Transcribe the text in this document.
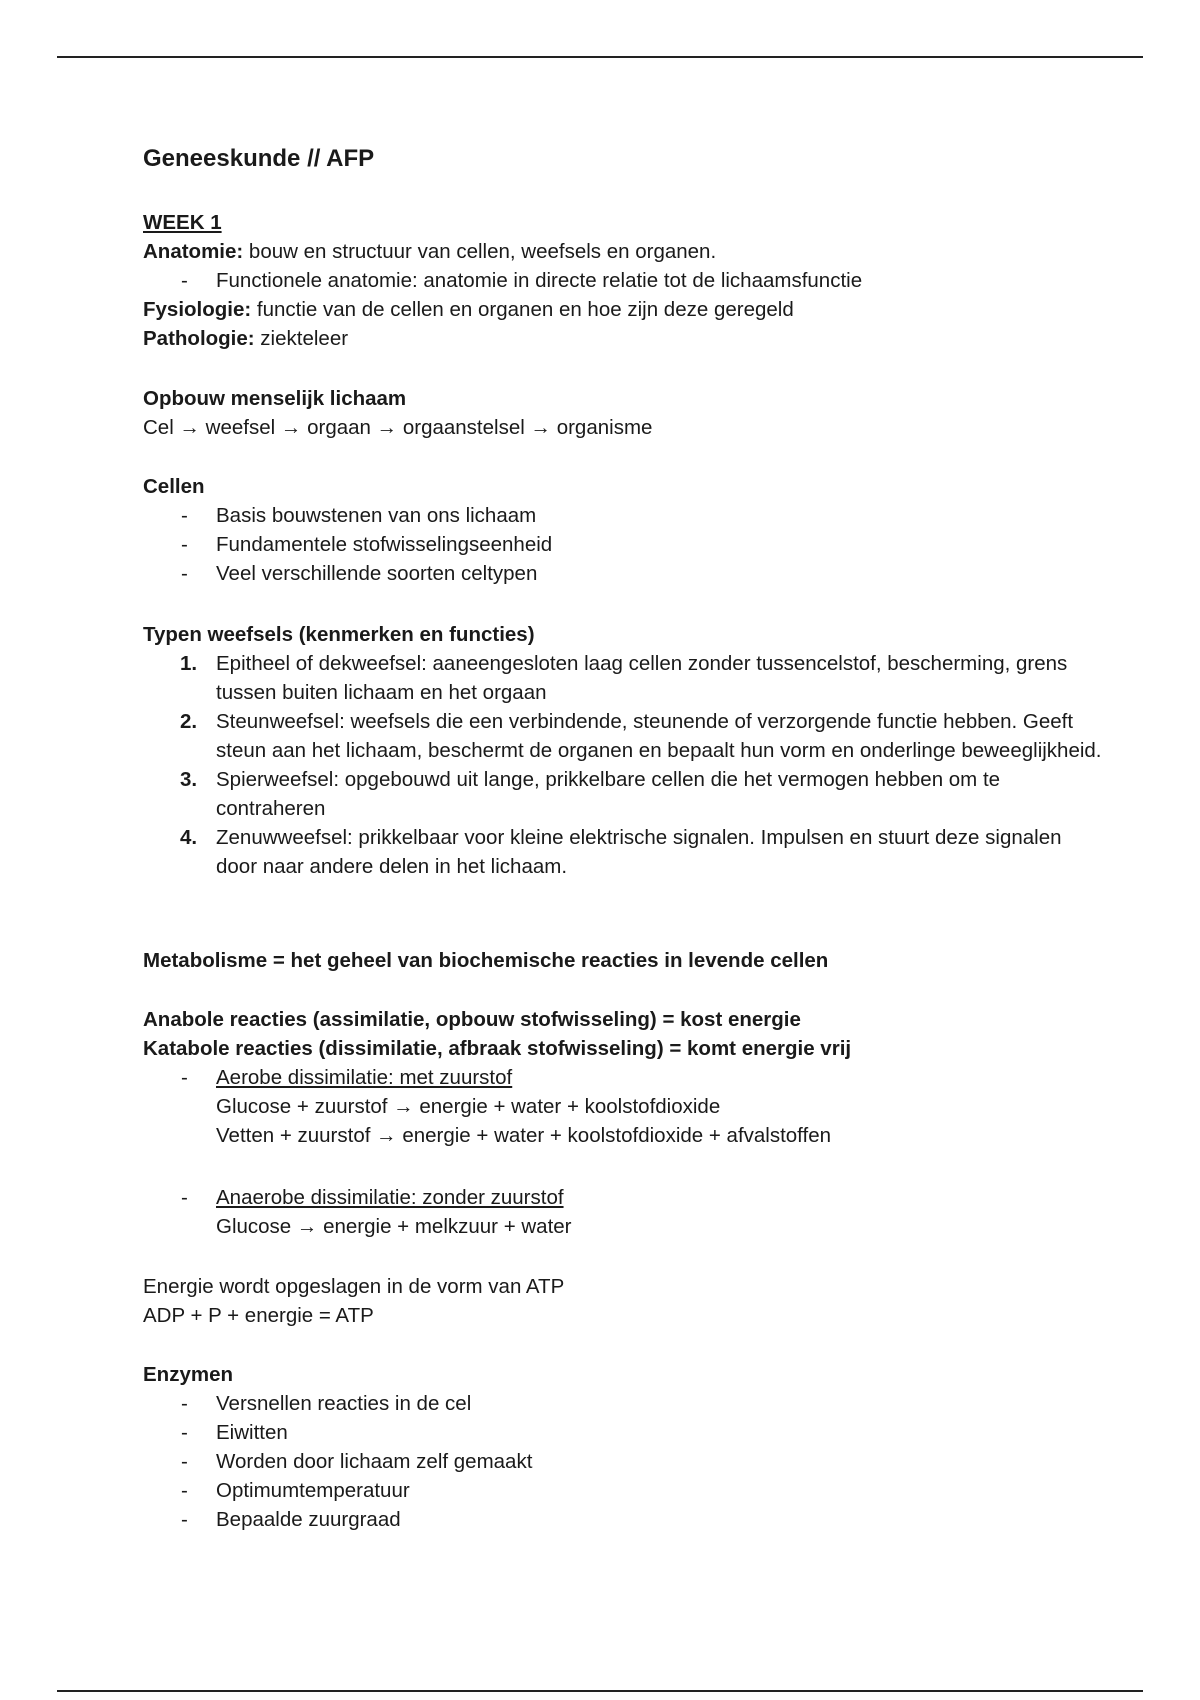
Geneeskunde // AFP
WEEK 1
Anatomie: bouw en structuur van cellen, weefsels en organen.
- Functionele anatomie: anatomie in directe relatie tot de lichaamsfunctie
Fysiologie: functie van de cellen en organen en hoe zijn deze geregeld
Pathologie: ziekteleer
Opbouw menselijk lichaam
Cel → weefsel → orgaan → orgaanstelsel → organisme
Cellen
- Basis bouwstenen van ons lichaam
- Fundamentele stofwisselingseenheid
- Veel verschillende soorten celtypen
Typen weefsels (kenmerken en functies)
1. Epitheel of dekweefsel: aaneengesloten laag cellen zonder tussencelstof, bescherming, grens tussen buiten lichaam en het orgaan
2. Steunweefsel: weefsels die een verbindende, steunende of verzorgende functie hebben. Geeft steun aan het lichaam, beschermt de organen en bepaalt hun vorm en onderlinge beweeglijkheid.
3. Spierweefsel: opgebouwd uit lange, prikkelbare cellen die het vermogen hebben om te contraheren
4. Zenuwweefsel: prikkelbaar voor kleine elektrische signalen. Impulsen en stuurt deze signalen door naar andere delen in het lichaam.
Metabolisme = het geheel van biochemische reacties in levende cellen
Anabole reacties (assimilatie, opbouw stofwisseling) = kost energie
Katabole reacties (dissimilatie, afbraak stofwisseling) = komt energie vrij
- Aerobe dissimilatie: met zuurstof
Glucose + zuurstof → energie + water + koolstofdioxide
Vetten + zuurstof → energie + water + koolstofdioxide + afvalstoffen
- Anaerobe dissimilatie: zonder zuurstof
Glucose → energie + melkzuur + water
Energie wordt opgeslagen in de vorm van ATP
ADP + P + energie = ATP
Enzymen
- Versnellen reacties in de cel
- Eiwitten
- Worden door lichaam zelf gemaakt
- Optimumtemperatuur
- Bepaalde zuurgraad
